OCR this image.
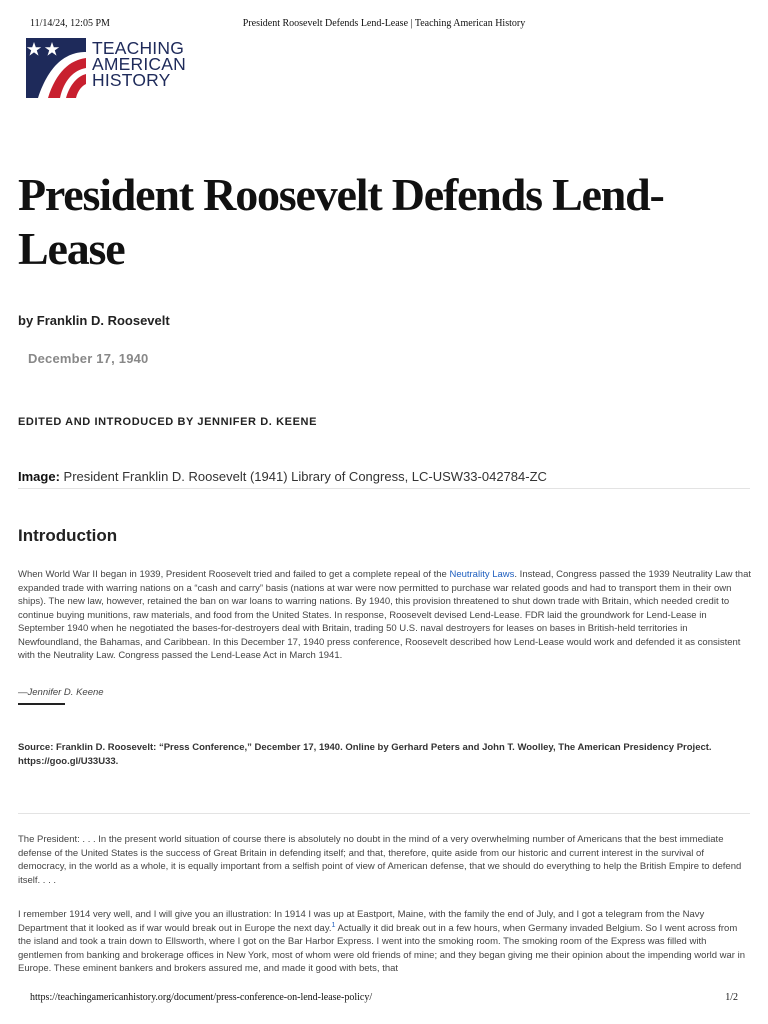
11/14/24, 12:05 PM	President Roosevelt Defends Lend-Lease | Teaching American History
TEACHING
AMERICAN
HISTORY
President Roosevelt Defends Lend-Lease
by Franklin D. Roosevelt
December 17, 1940
EDITED AND INTRODUCED BY JENNIFER D. KEENE
Image: President Franklin D. Roosevelt (1941) Library of Congress, LC-USW33-042784-ZC
Introduction

When World War II began in 1939, President Roosevelt tried and failed to get a complete repeal of the Neutrality Laws. Instead, Congress passed the 1939 Neutrality Law that expanded trade with warring nations on a “cash and carry” basis (nations at war were now permitted to purchase war related goods and had to transport them in their own ships). The new law, however, retained the ban on war loans to warring nations. By 1940, this provision threatened to shut down trade with Britain, which needed credit to continue buying munitions, raw materials, and food from the United States. In response, Roosevelt devised Lend-Lease. FDR laid the groundwork for Lend-Lease in September 1940 when he negotiated the bases-for-destroyers deal with Britain, trading 50 U.S. naval destroyers for leases on bases in British-held territories in Newfoundland, the Bahamas, and Caribbean. In this December 17, 1940 press conference, Roosevelt described how Lend-Lease would work and defended it as consistent with the Neutrality Law. Congress passed the Lend-Lease Act in March 1941.

—Jennifer D. Keene

Source: Franklin D. Roosevelt: “Press Conference,” December 17, 1940. Online by Gerhard Peters and John T. Woolley, The American Presidency Project. https://goo.gl/U33U33.

The President: . . . In the present world situation of course there is absolutely no doubt in the mind of a very overwhelming number of Americans that the best immediate defense of the United States is the success of Great Britain in defending itself; and that, therefore, quite aside from our historic and current interest in the survival of democracy, in the world as a whole, it is equally important from a selfish point of view of American defense, that we should do everything to help the British Empire to defend itself. . . .

I remember 1914 very well, and I will give you an illustration: In 1914 I was up at Eastport, Maine, with the family the end of July, and I got a telegram from the Navy Department that it looked as if war would break out in Europe the next day.$^1$ Actually it did break out in a few hours, when Germany invaded Belgium. So I went across from the island and took a train down to Ellsworth, where I got on the Bar Harbor Express. I went into the smoking room. The smoking room of the Express was filled with gentlemen from banking and brokerage offices in New York, most of whom were old friends of mine; and they began giving me their opinion about the impending world war in Europe. These eminent bankers and brokers assured me, and made it good with bets, that

https://teachingamericanhistory.org/document/press-conference-on-lend-lease-policy/	1/2
